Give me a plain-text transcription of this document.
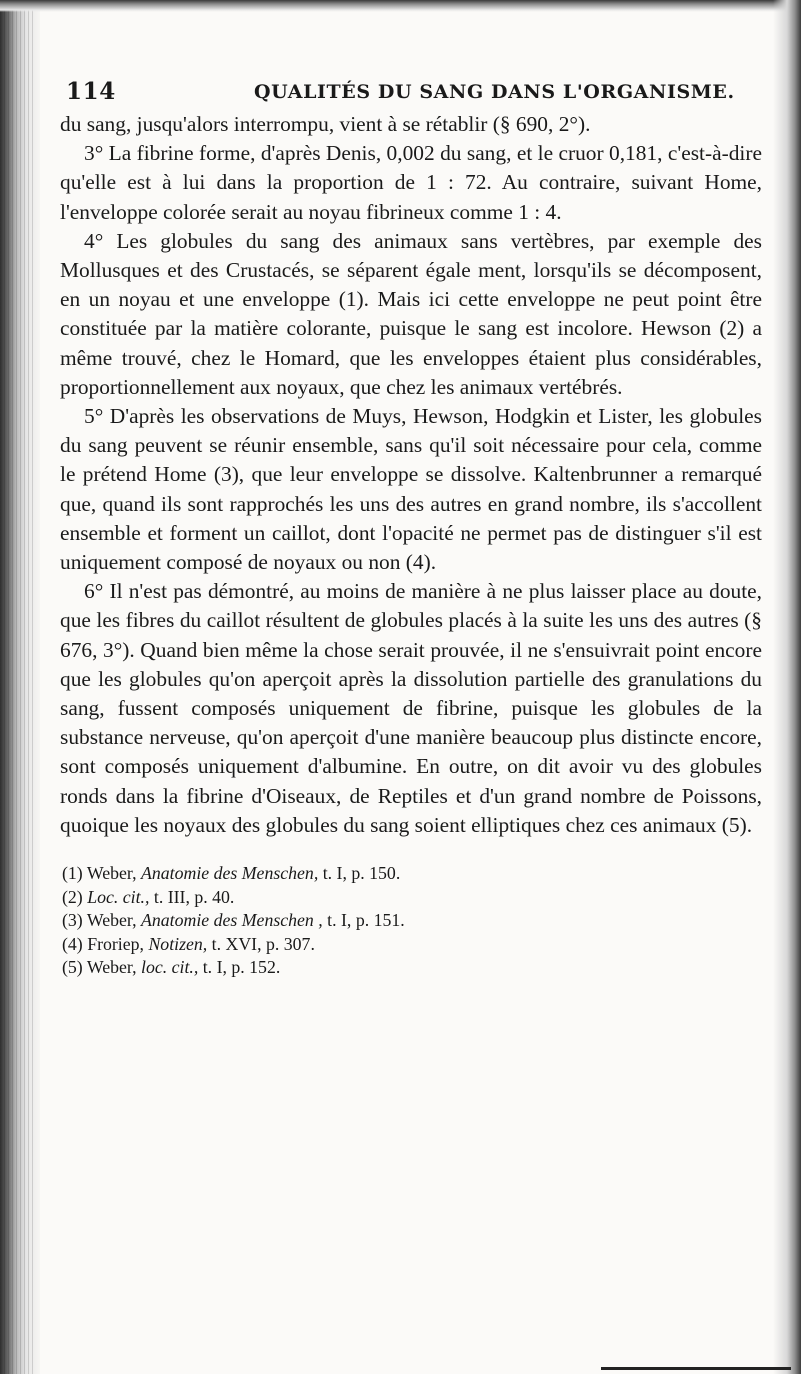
114	QUALITÉS DU SANG DANS L'ORGANISME.

du sang, jusqu'alors interrompu, vient à se rétablir (§ 690, 2°).

3° La fibrine forme, d'après Denis, 0,002 du sang, et le cruor 0,181, c'est-à-dire qu'elle est à lui dans la proportion de 1 : 72. Au contraire, suivant Home, l'enveloppe colorée serait au noyau fibrineux comme 1 : 4.

4° Les globules du sang des animaux sans vertèbres, par exemple des Mollusques et des Crustacés, se séparent égale ment, lorsqu'ils se décomposent, en un noyau et une enveloppe (1). Mais ici cette enveloppe ne peut point être constituée par la matière colorante, puisque le sang est incolore. Hewson (2) a même trouvé, chez le Homard, que les enveloppes étaient plus considérables, proportionnellement aux noyaux, que chez les animaux vertébrés.

5° D'après les observations de Muys, Hewson, Hodgkin et Lister, les globules du sang peuvent se réunir ensemble, sans qu'il soit nécessaire pour cela, comme le prétend Home (3), que leur enveloppe se dissolve. Kaltenbrunner a remarqué que, quand ils sont rapprochés les uns des autres en grand nombre, ils s'accollent ensemble et forment un caillot, dont l'opacité ne permet pas de distinguer s'il est uniquement composé de noyaux ou non (4).

6° Il n'est pas démontré, au moins de manière à ne plus laisser place au doute, que les fibres du caillot résultent de globules placés à la suite les uns des autres (§ 676, 3°). Quand bien même la chose serait prouvée, il ne s'ensuivrait point encore que les globules qu'on aperçoit après la dissolution partielle des granulations du sang, fussent composés uniquement de fibrine, puisque les globules de la substance nerveuse, qu'on aperçoit d'une manière beaucoup plus distincte encore, sont composés uniquement d'albumine. En outre, on dit avoir vu des globules ronds dans la fibrine d'Oiseaux, de Reptiles et d'un grand nombre de Poissons, quoique les noyaux des globules du sang soient elliptiques chez ces animaux (5).

(1) Weber, Anatomie des Menschen, t. I, p. 150.

(2) Loc. cit., t. III, p. 40.

(3) Weber, Anatomie des Menschen , t. I, p. 151.

(4) Froriep, Notizen, t. XVI, p. 307.

(5) Weber, loc. cit., t. I, p. 152.
